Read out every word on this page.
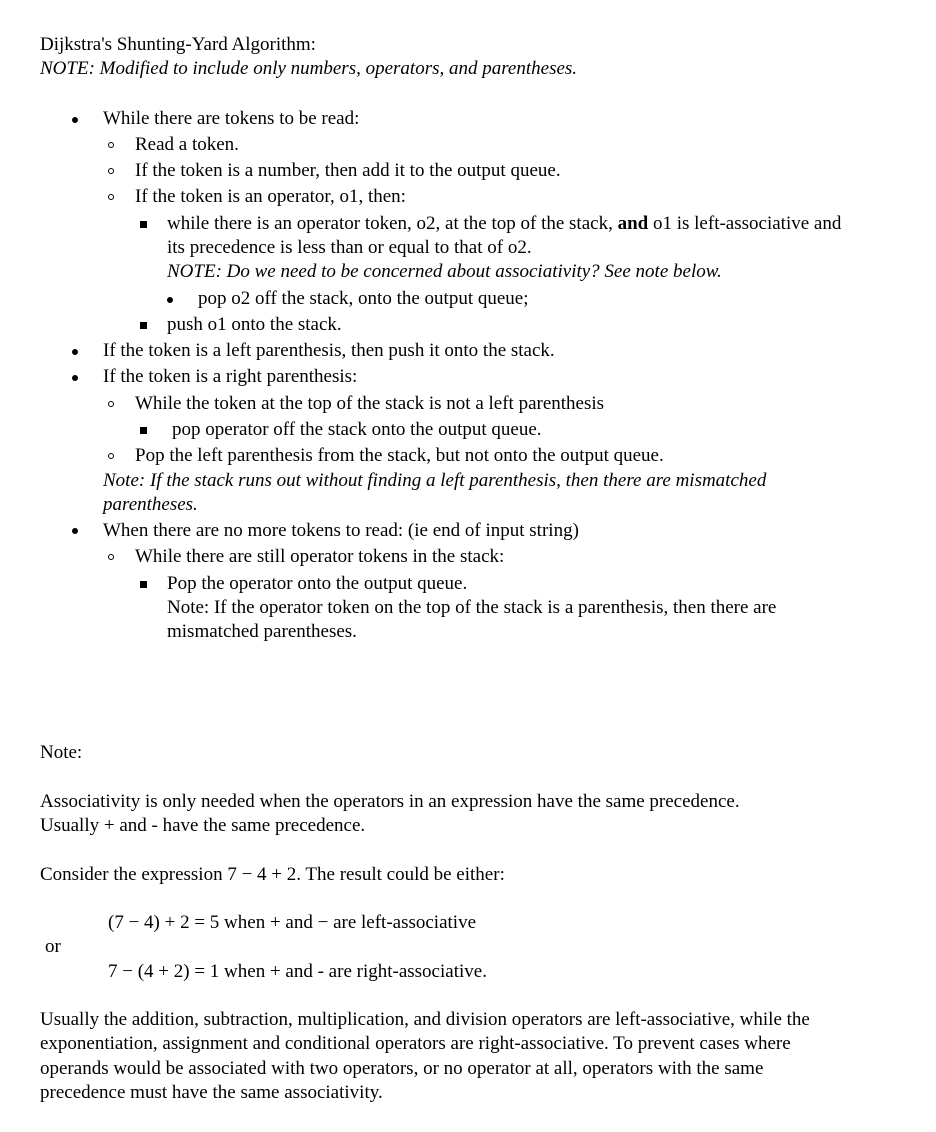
Dijkstra's Shunting-Yard Algorithm:
NOTE: Modified to include only numbers, operators, and parentheses.
While there are tokens to be read:
Read a token.
If the token is a number, then add it to the output queue.
If the token is an operator, o1, then:
while there is an operator token, o2, at the top of the stack, and o1 is left-associative and
its precedence is less than or equal to that of o2.
NOTE: Do we need to be concerned about associativity? See note below.
pop o2 off the stack, onto the output queue;
push o1 onto the stack.
If the token is a left parenthesis, then push it onto the stack.
If the token is a right parenthesis:
While the token at the top of the stack is not a left parenthesis
pop operator off the stack onto the output queue.
Pop the left parenthesis from the stack, but not onto the output queue.
Note: If the stack runs out without finding a left parenthesis, then there are mismatched
parentheses.
When there are no more tokens to read: (ie end of input string)
While there are still operator tokens in the stack:
Pop the operator onto the output queue.
Note: If the operator token on the top of the stack is a parenthesis, then there are
mismatched parentheses.
Note:
Associativity is only needed when the operators in an expression have the same precedence.
Usually + and - have the same precedence.
Consider the expression 7 − 4 + 2. The result could be either:
(7 − 4) + 2 = 5 when + and − are left-associative
or
7 − (4 + 2) = 1 when + and - are right-associative.
Usually the addition, subtraction, multiplication, and division operators are left-associative, while the
exponentiation, assignment and conditional operators are right-associative. To prevent cases where
operands would be associated with two operators, or no operator at all, operators with the same
precedence must have the same associativity.
